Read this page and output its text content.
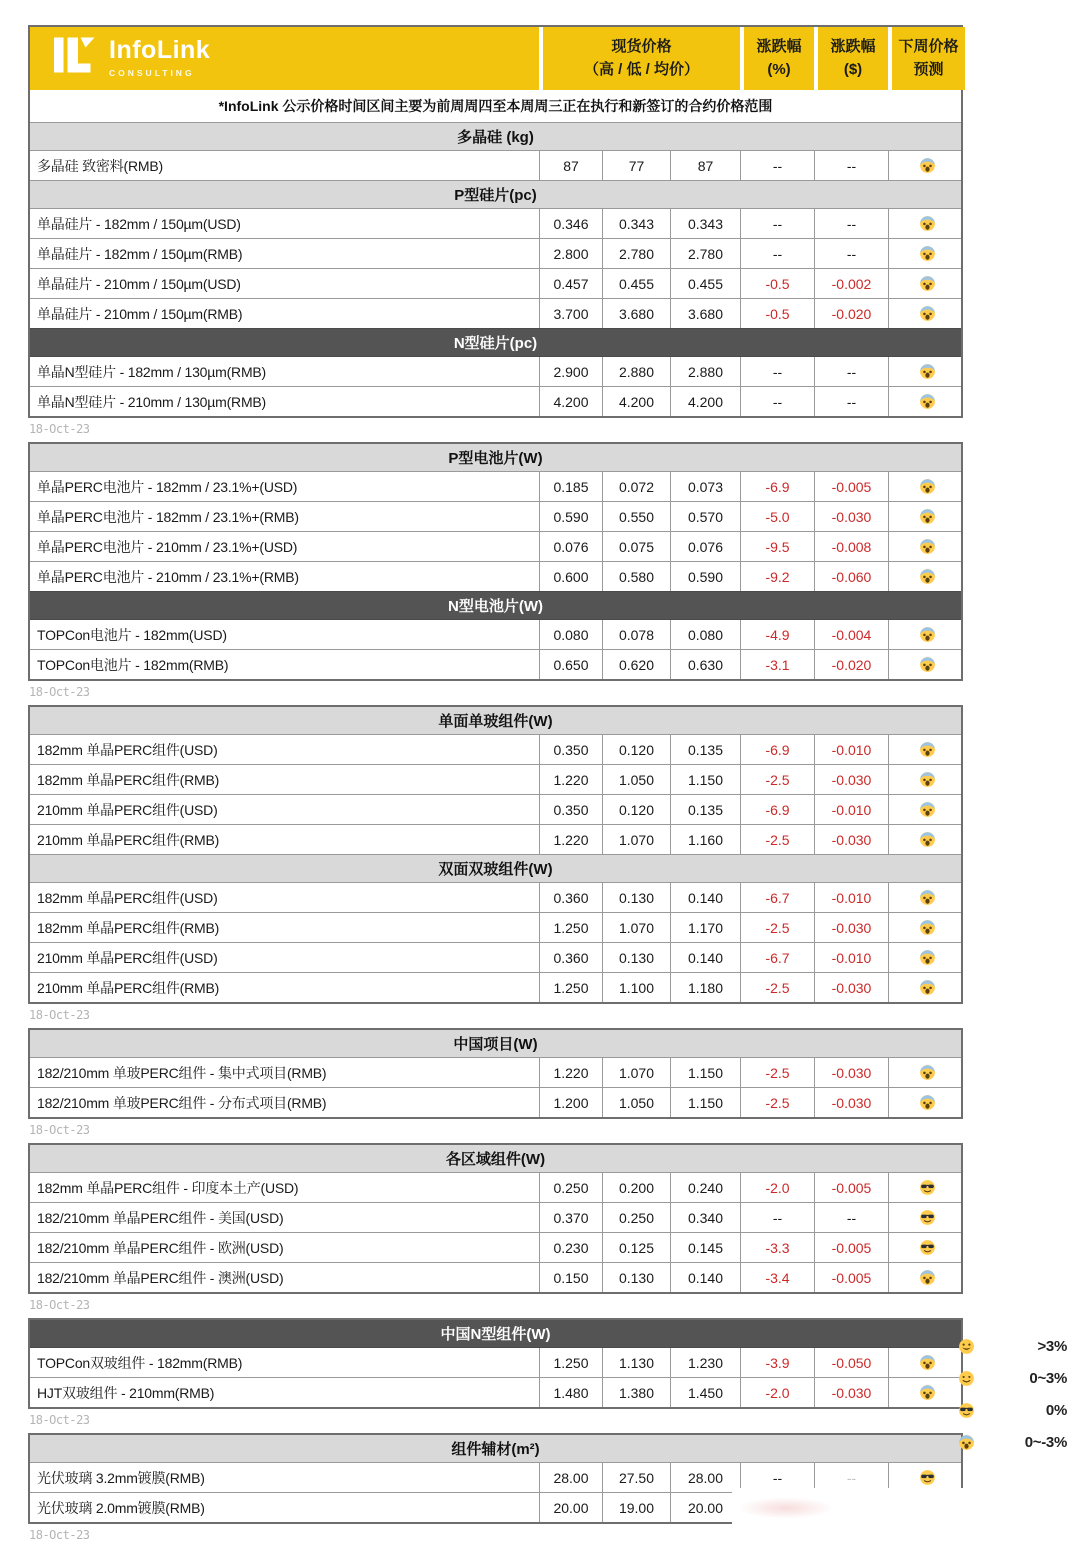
InfoLink
CONSULTING
现货价格
（高 / 低 / 均价）
涨跌幅
(%)
涨跌幅
($)
下周价格
预测
*InfoLink 公示价格时间区间主要为前周周四至本周周三正在执行和新签订的合约价格范围
多晶硅 (kg)
多晶硅 致密料(RMB)	87	77	87	--	--
P型硅片(pc)
单晶硅片 - 182mm / 150µm(USD)	0.346	0.343	0.343	--	--
单晶硅片 - 182mm / 150µm(RMB)	2.800	2.780	2.780	--	--
单晶硅片 - 210mm / 150µm(USD)	0.457	0.455	0.455	-0.5	-0.002
单晶硅片 - 210mm / 150µm(RMB)	3.700	3.680	3.680	-0.5	-0.020
N型硅片(pc)
单晶N型硅片 - 182mm / 130µm(RMB)	2.900	2.880	2.880	--	--
单晶N型硅片 - 210mm / 130µm(RMB)	4.200	4.200	4.200	--	--
18-Oct-23
P型电池片(W)
单晶PERC电池片 - 182mm / 23.1%+(USD)	0.185	0.072	0.073	-6.9	-0.005
单晶PERC电池片 - 182mm / 23.1%+(RMB)	0.590	0.550	0.570	-5.0	-0.030
单晶PERC电池片 - 210mm / 23.1%+(USD)	0.076	0.075	0.076	-9.5	-0.008
单晶PERC电池片 - 210mm / 23.1%+(RMB)	0.600	0.580	0.590	-9.2	-0.060
N型电池片(W)
TOPCon电池片 - 182mm(USD)	0.080	0.078	0.080	-4.9	-0.004
TOPCon电池片 - 182mm(RMB)	0.650	0.620	0.630	-3.1	-0.020
18-Oct-23
单面单玻组件(W)
182mm 单晶PERC组件(USD)	0.350	0.120	0.135	-6.9	-0.010
182mm 单晶PERC组件(RMB)	1.220	1.050	1.150	-2.5	-0.030
210mm 单晶PERC组件(USD)	0.350	0.120	0.135	-6.9	-0.010
210mm 单晶PERC组件(RMB)	1.220	1.070	1.160	-2.5	-0.030
双面双玻组件(W)
182mm 单晶PERC组件(USD)	0.360	0.130	0.140	-6.7	-0.010
182mm 单晶PERC组件(RMB)	1.250	1.070	1.170	-2.5	-0.030
210mm 单晶PERC组件(USD)	0.360	0.130	0.140	-6.7	-0.010
210mm 单晶PERC组件(RMB)	1.250	1.100	1.180	-2.5	-0.030
18-Oct-23
中国项目(W)
182/210mm 单玻PERC组件 - 集中式项目(RMB)	1.220	1.070	1.150	-2.5	-0.030
182/210mm 单玻PERC组件 - 分布式项目(RMB)	1.200	1.050	1.150	-2.5	-0.030
18-Oct-23
各区域组件(W)
182mm 单晶PERC组件 - 印度本土产(USD)	0.250	0.200	0.240	-2.0	-0.005
182/210mm 单晶PERC组件 - 美国(USD)	0.370	0.250	0.340	--	--
182/210mm 单晶PERC组件 - 欧洲(USD)	0.230	0.125	0.145	-3.3	-0.005
182/210mm 单晶PERC组件 - 澳洲(USD)	0.150	0.130	0.140	-3.4	-0.005
18-Oct-23
中国N型组件(W)
TOPCon双玻组件 - 182mm(RMB)	1.250	1.130	1.230	-3.9	-0.050
HJT双玻组件 - 210mm(RMB)	1.480	1.380	1.450	-2.0	-0.030
18-Oct-23
组件辅材(m²)
光伏玻璃 3.2mm镀膜(RMB)	28.00	27.50	28.00	--	--
光伏玻璃 2.0mm镀膜(RMB)	20.00	19.00	20.00
18-Oct-23
>3%
0~3%
0%
0~-3%
